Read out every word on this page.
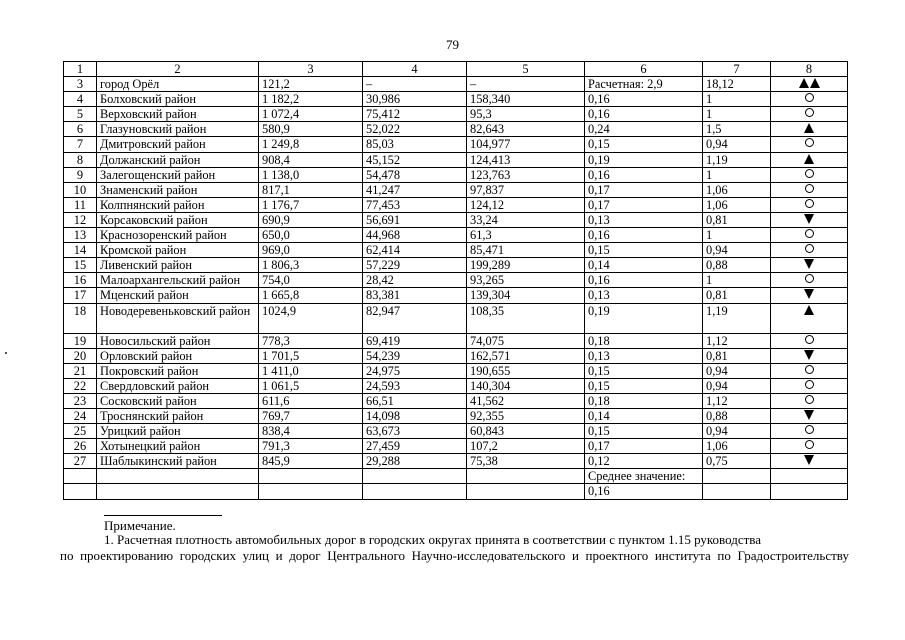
79
1	2	3	4	5	6	7	8
3	город Орёл	121,2	–	–	Расчетная: 2,9	18,12	
4	Болховский район	1 182,2	30,986	158,340	0,16	1	
5	Верховский район	1 072,4	75,412	95,3	0,16	1	
6	Глазуновский район	580,9	52,022	82,643	0,24	1,5	
7	Дмитровский район	1 249,8	85,03	104,977	0,15	0,94	
8	Должанский район	908,4	45,152	124,413	0,19	1,19	
9	Залегощенский район	1 138,0	54,478	123,763	0,16	1	
10	Знаменский район	817,1	41,247	97,837	0,17	1,06	
11	Колпнянский район	1 176,7	77,453	124,12	0,17	1,06	
12	Корсаковский район	690,9	56,691	33,24	0,13	0,81	
13	Краснозоренский район	650,0	44,968	61,3	0,16	1	
14	Кромской район	969,0	62,414	85,471	0,15	0,94	
15	Ливенский район	1 806,3	57,229	199,289	0,14	0,88	
16	Малоархангельский район	754,0	28,42	93,265	0,16	1	
17	Мценский район	1 665,8	83,381	139,304	0,13	0,81	
18	Новодеревеньковский район	1024,9	82,947	108,35	0,19	1,19	
19	Новосильский район	778,3	69,419	74,075	0,18	1,12	
20	Орловский район	1 701,5	54,239	162,571	0,13	0,81	
21	Покровский район	1 411,0	24,975	190,655	0,15	0,94	
22	Свердловский район	1 061,5	24,593	140,304	0,15	0,94	
23	Сосковский район	611,6	66,51	41,562	0,18	1,12	
24	Троснянский район	769,7	14,098	92,355	0,14	0,88	
25	Урицкий район	838,4	63,673	60,843	0,15	0,94	
26	Хотынецкий район	791,3	27,459	107,2	0,17	1,06	
27	Шаблыкинский район	845,9	29,288	75,38	0,12	0,75	
					Среднее значение:		
					0,16		
Примечание.
1. Расчетная плотность автомобильных дорог в городских округах принята в соответствии с пунктом 1.15 руководства
по проектированию городских улиц и дорог Центрального Научно-исследовательского и проектного института по Градостроительству
